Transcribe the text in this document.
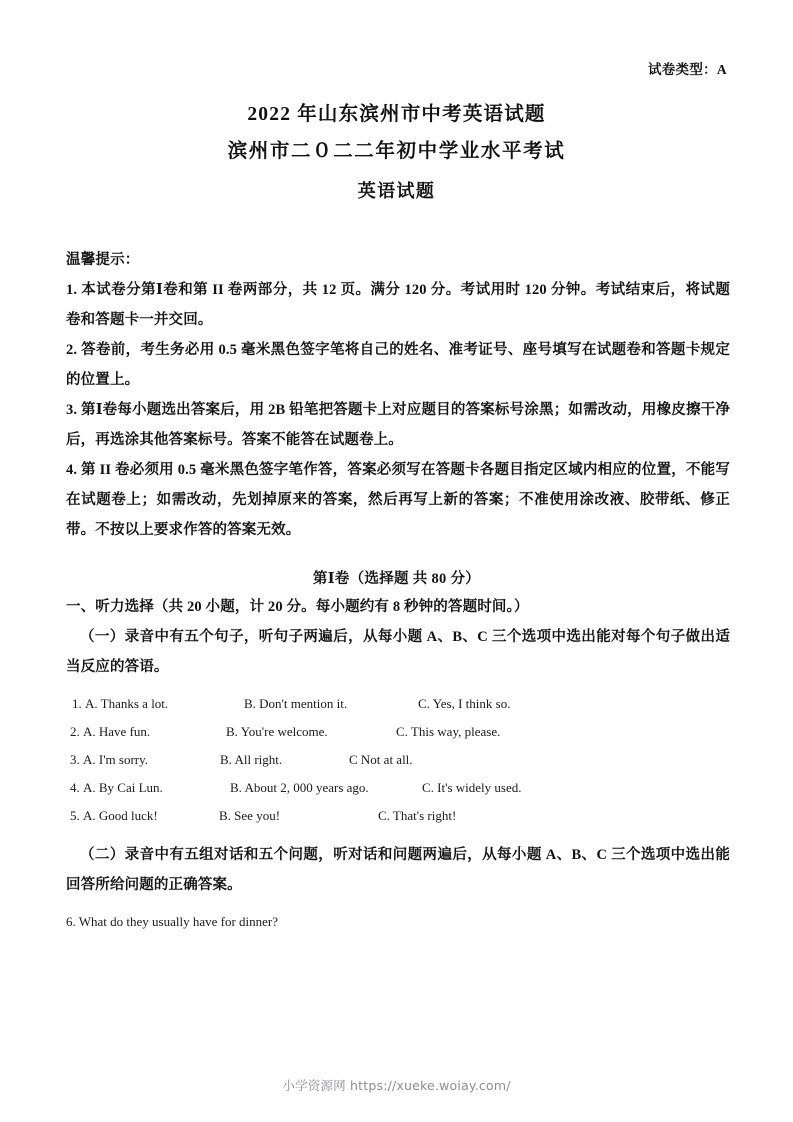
试卷类型：A
2022 年山东滨州市中考英语试题
滨州市二０二二年初中学业水平考试
英语试题
温馨提示：

1. 本试卷分第Ⅰ卷和第 II 卷两部分，共 12 页。满分 120 分。考试用时 120 分钟。考试结束后，将试题卷和答题卡一并交回。

2. 答卷前，考生务必用 0.5 毫米黑色签字笔将自己的姓名、准考证号、座号填写在试题卷和答题卡规定的位置上。

3. 第Ⅰ卷每小题选出答案后，用 2B 铅笔把答题卡上对应题目的答案标号涂黑；如需改动，用橡皮擦干净后，再选涂其他答案标号。答案不能答在试题卷上。

4. 第 II 卷必须用 0.5 毫米黑色签字笔作答，答案必须写在答题卡各题目指定区域内相应的位置，不能写在试题卷上；如需改动，先划掉原来的答案，然后再写上新的答案；不准使用涂改液、胶带纸、修正带。不按以上要求作答的答案无效。

第Ⅰ卷（选择题 共 80 分）

一、听力选择（共 20 小题，计 20 分。每小题约有 8 秒钟的答题时间。）

（一）录音中有五个句子，听句子两遍后，从每小题 A、B、C 三个选项中选出能对每个句子做出适当反应的答语。

1. A. Thanks a lot.	B. Don't mention it.	C. Yes, I think so.
2. A. Have fun.	B. You're welcome.	C. This way, please.
3. A. I'm sorry.	B. All right.	C Not at all.
4. A. By Cai Lun.	B. About 2, 000 years ago.	C. It's widely used.
5. A. Good luck!	B. See you!	C. That's right!

（二）录音中有五组对话和五个问题，听对话和问题两遍后，从每小题 A、B、C 三个选项中选出能回答所给问题的正确答案。

6. What do they usually have for dinner?
小学资源网 https://xueke.woiay.com/
